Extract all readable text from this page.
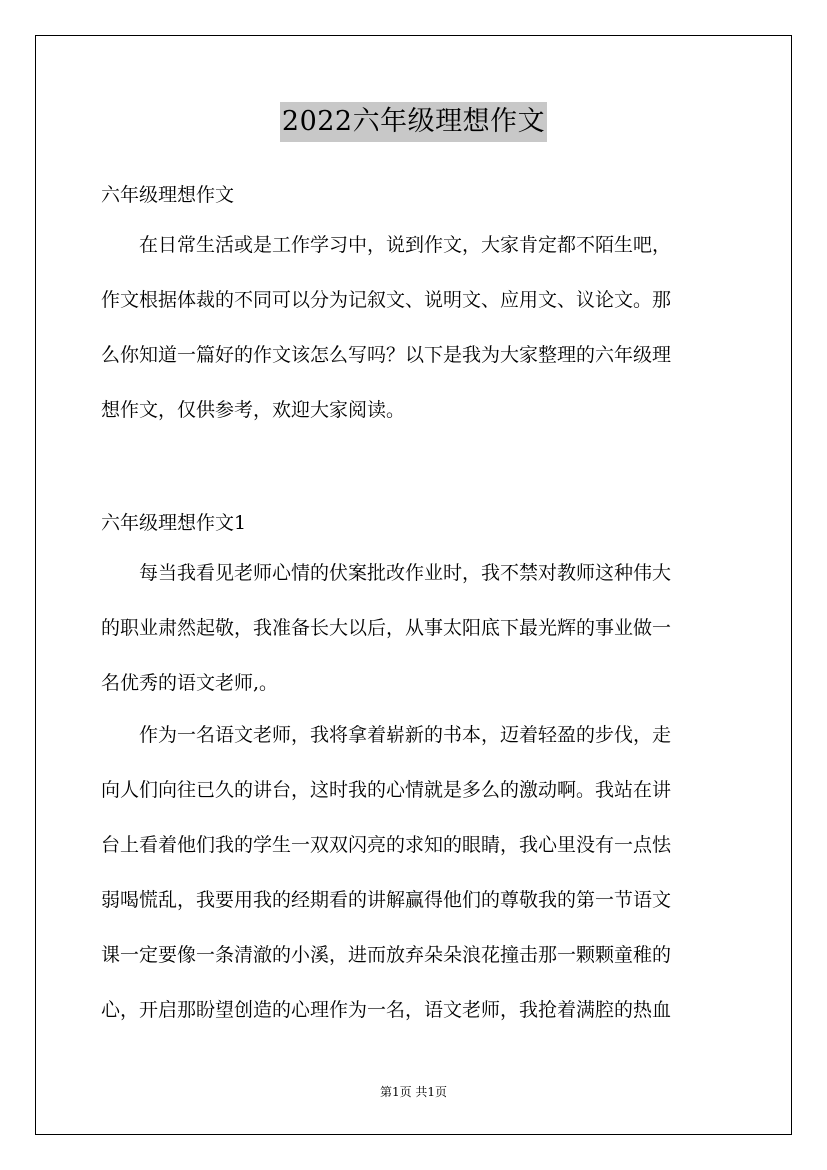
2022六年级理想作文
六年级理想作文
　　在日常生活或是工作学习中，说到作文，大家肯定都不陌生吧，
作文根据体裁的不同可以分为记叙文、说明文、应用文、议论文。那
么你知道一篇好的作文该怎么写吗？以下是我为大家整理的六年级理
想作文，仅供参考，欢迎大家阅读。
六年级理想作文1
　　每当我看见老师心情的伏案批改作业时，我不禁对教师这种伟大
的职业肃然起敬，我准备长大以后，从事太阳底下最光辉的事业做一
名优秀的语文老师,。
　　作为一名语文老师，我将拿着崭新的书本，迈着轻盈的步伐，走
向人们向往已久的讲台，这时我的心情就是多么的激动啊。我站在讲
台上看着他们我的学生一双双闪亮的求知的眼睛，我心里没有一点怯
弱喝慌乱，我要用我的经期看的讲解赢得他们的尊敬我的第一节语文
课一定要像一条清澈的小溪，进而放弃朵朵浪花撞击那一颗颗童稚的
心，开启那盼望创造的心理作为一名，语文老师，我抢着满腔的热血
第1页 共1页
